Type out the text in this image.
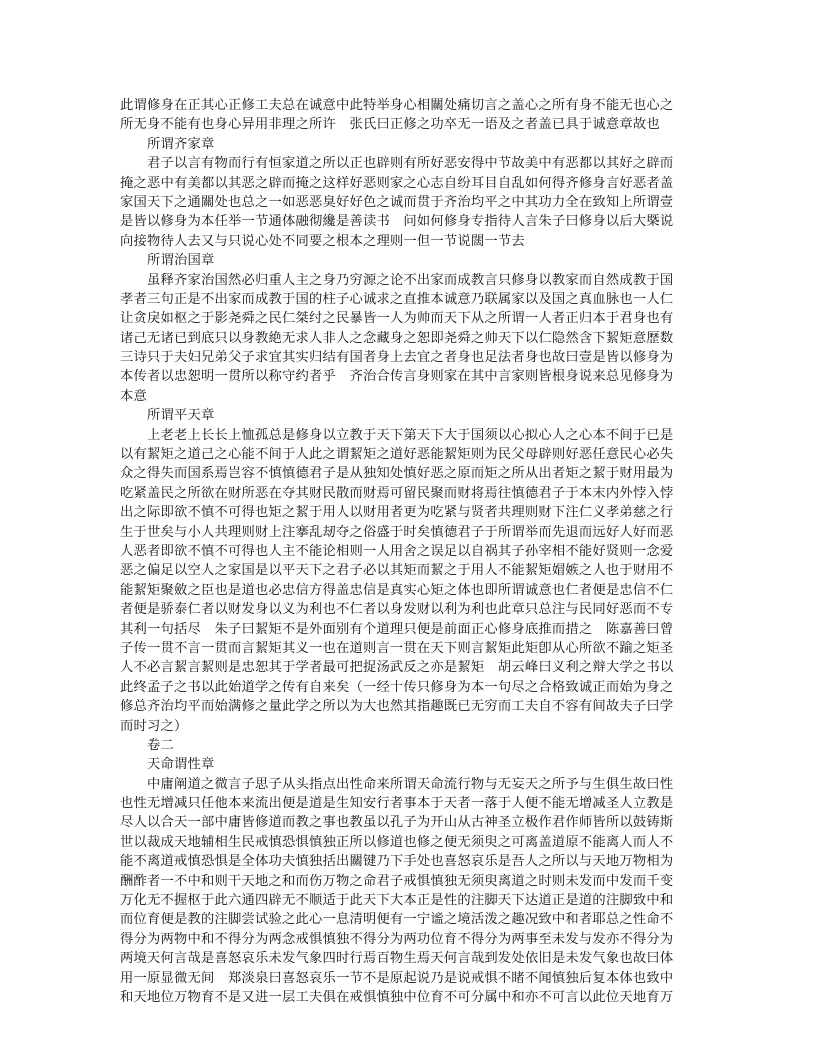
此谓修身在正其心正修工夫总在诚意中此特举身心相關处痛切言之盖心之所有身不能无也心之
所无身不能有也身心异用非理之所许　张氏曰正修之功卒无一语及之者盖已具于诚意章故也
所谓齐家章
君子以言有物而行有恒家道之所以正也辟则有所好恶安得中节故美中有恶都以其好之辟而
掩之恶中有美都以其恶之辟而掩之这样好恶则家之心志自纷耳目自乱如何得齐修身言好恶者盖
家国天下之通關处也总之一如恶恶臭好好色之诚而贯于齐治均平之中其功力全在致知上所谓壹
是皆以修身为本任举一节通体融彻纔是善读书　问如何修身专指待人言朱子曰修身以后大槩说
向接物待人去又与只说心处不同要之根本之理则一但一节说闊一节去
所谓治国章
虽释齐家治国然必归重人主之身乃穷源之论不出家而成教言只修身以教家而自然成教于国
孝者三句正是不出家而成教于国的柱子心诚求之直推本诚意乃联属家以及国之真血脉也一人仁
让贪戾如枢之于影尧舜之民仁桀纣之民暴皆一人为帅而天下从之所谓一人者正归本于君身也有
诸己无诸已到底只以身教絶无求人非人之念藏身之恕即尧舜之帅天下以仁隐然含下絜矩意歷数
三诗只于夫妇兄弟父子求宜其实归结有国者身上去宜之者身也足法者身也故曰壹是皆以修身为
本传者以忠恕明一贯所以称守约者乎　齐治合传言身则家在其中言家则皆根身说来总见修身为
本意
所谓平天章
上老老上长长上恤孤总是修身以立教于天下第天下大于国须以心拟心人之心本不间于已是
以有絜矩之道己之心能不间于人此之谓絜矩之道好恶能絜矩则为民父母辟则好恶任意民心必失
众之得失而国系焉岂容不慎慎德君子是从独知处慎好恶之原而矩之所从出者矩之絜于财用最为
吃紧盖民之所欲在财所恶在夺其财民散而财焉可留民聚而财将焉往慎德君子于本末内外悖入悖
出之际即欲不慎不可得也矩之絜于用人以财用者更为吃紧与贤者共理则财下注仁义孝弟慈之行
生于世矣与小人共理则财上注搴乱刼夺之俗盛于时矣慎德君子于所谓举而先退而远好人好而恶
人恶者即欲不慎不可得也人主不能论相则一人用舍之误足以自祸其子孙宰相不能好贤则一念爱
恶之偏足以空人之家国是以平天下之君子必以其矩而絜之于用人不能絜矩媢嫉之人也于财用不
能絜矩聚斂之臣也是道也必忠信方得盖忠信是真实心矩之体也即所谓诚意也仁者便是忠信不仁
者便是骄泰仁者以财发身以义为利也不仁者以身发财以利为利也此章只总注与民同好恶而不专
其利一句括尽　朱子曰絜矩不是外面别有个道理只便是前面正心修身底推而措之　陈嘉善曰曾
子传一贯不言一贯而言絜矩其义一也在道则言一贯在天下则言絜矩此矩卽从心所欲不踰之矩圣
人不必言絜言絜则是忠恕其于学者最可把捉汤武反之亦是絜矩　胡云峰曰义利之辩大学之书以
此终孟子之书以此始道学之传有自来矣（一经十传只修身为本一句尽之合格致诚正而始为身之
修总齐治均平而始满修之量此学之所以为大也然其指趣既已无穷而工夫自不容有间故夫子曰学
而时习之）
卷二
天命谓性章
中庸阐道之微言子思子从头指点出性命来所谓天命流行物与无妄天之所予与生俱生故曰性
也性无增减只任他本来流出便是道是生知安行者事本于天者一落于人便不能无增减圣人立教是
尽人以合天一部中庸皆修道而教之事也教虽以孔子为开山从古神圣立极作君作师皆所以鼓铸斯
世以裁成天地辅相生民戒慎恐惧慎独正所以修道也修之便无须臾之可离盖道原不能离人而人不
能不离道戒慎恐惧是全体功夫慎独括出關键乃下手处也喜怒哀乐是吾人之所以与天地万物相为
酬酢者一不中和则干天地之和而伤万物之命君子戒惧慎独无须臾离道之时则未发而中发而千变
万化无不握枢于此六通四辟无不顺适于此天下大本正是性的注脚天下达道正是道的注脚致中和
而位育便是教的注脚尝试验之此心一息清明便有一宁谧之境活泼之趣况致中和者耶总之性命不
得分为两物中和不得分为两念戒惧慎独不得分为两功位育不得分为两事至未发与发亦不得分为
两境天何言哉是喜怒哀乐未发气象四时行焉百物生焉天何言哉到发处依旧是未发气象也故曰体
用一原显微无间　郑淡泉曰喜怒哀乐一节不是原起说乃是说戒惧不睹不闻慎独后复本体也致中
和天地位万物育不是又进一层工夫俱在戒惧慎独中位育不可分属中和亦不可言以此位天地育万
